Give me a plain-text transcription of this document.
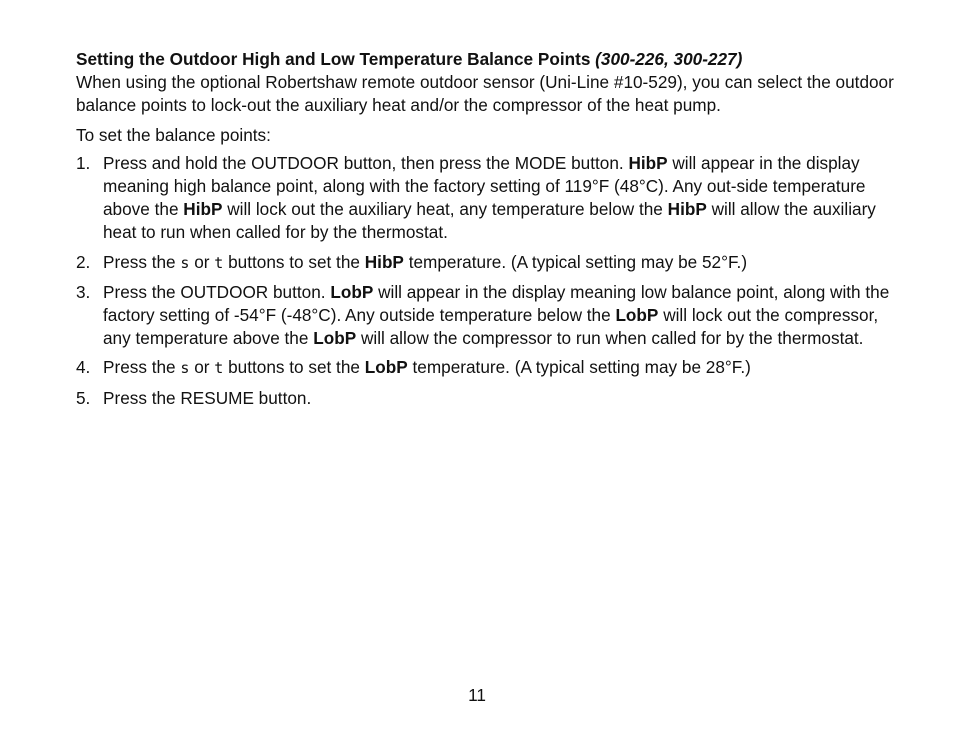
Setting the Outdoor High and Low Temperature Balance Points (300-226, 300-227)

When using the optional Robertshaw remote outdoor sensor (Uni-Line #10-529), you can select the outdoor balance points to lock-out the auxiliary heat and/or the compressor of the heat pump.

To set the balance points:

1. Press and hold the OUTDOOR button, then press the MODE button. HibP will appear in the display meaning high balance point, along with the factory setting of 119°F (48°C). Any out-side temperature above the HibP will lock out the auxiliary heat, any temperature below the HibP will allow the auxiliary heat to run when called for by the thermostat.
2. Press the s or t buttons to set the HibP temperature. (A typical setting may be 52°F.)
3. Press the OUTDOOR button. LobP will appear in the display meaning low balance point, along with the factory setting of -54°F (-48°C). Any outside temperature below the LobP will lock out the compressor, any temperature above the LobP will allow the compressor to run when called for by the thermostat.
4. Press the s or t buttons to set the LobP temperature. (A typical setting may be 28°F.)
5. Press the RESUME button.
11
